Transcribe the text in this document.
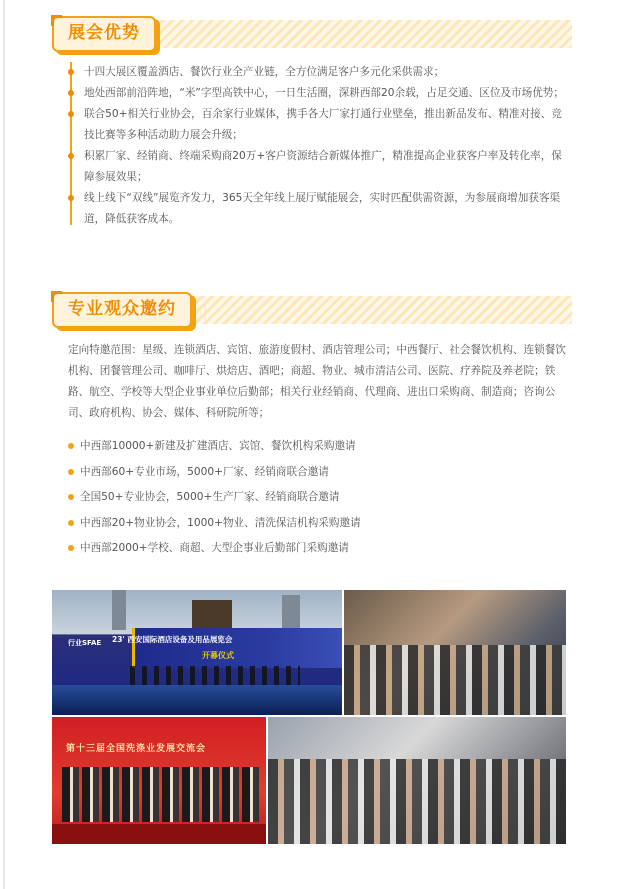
展会优势
十四大展区覆盖酒店、餐饮行业全产业链，全方位满足客户多元化采供需求；
地处西部前沿阵地，“米”字型高铁中心，一日生活圈，深耕西部20余载，占足交通、区位及市场优势；
联合50+相关行业协会，百余家行业媒体，携手各大厂家打通行业壁垒，推出新品发布、精准对接、竞技比赛等多种活动助力展会升级；
积累厂家、经销商、终端采购商20万+客户资源结合新媒体推广，精准提高企业获客户率及转化率，保障参展效果；
线上线下“双线”展览齐发力，365天全年线上展厅赋能展会，实时匹配供需资源，为参展商增加获客渠道，降低获客成本。
专业观众邀约
定向特邀范围：星级、连锁酒店、宾馆、旅游度假村、酒店管理公司；中西餐厅、社会餐饮机构、连锁餐饮机构、团餐管理公司、咖啡厅、烘焙店、酒吧；商超、物业、城市清洁公司、医院、疗养院及养老院；铁路、航空、学校等大型企业事业单位后勤部；相关行业经销商、代理商、进出口采购商、制造商；咨询公司、政府机构、协会、媒体、科研院所等；
中西部10000+新建及扩建酒店、宾馆、餐饮机构采购邀请
中西部60+专业市场，5000+厂家、经销商联合邀请
全国50+专业协会，5000+生产厂家、经销商联合邀请
中西部20+物业协会，1000+物业、清洗保洁机构采购邀请
中西部2000+学校、商超、大型企事业后勤部门采购邀请
行业SFAE 23' 西安国际酒店设备及用品展览会
开幕仪式
第十三届全国洗涤业发展交流会
